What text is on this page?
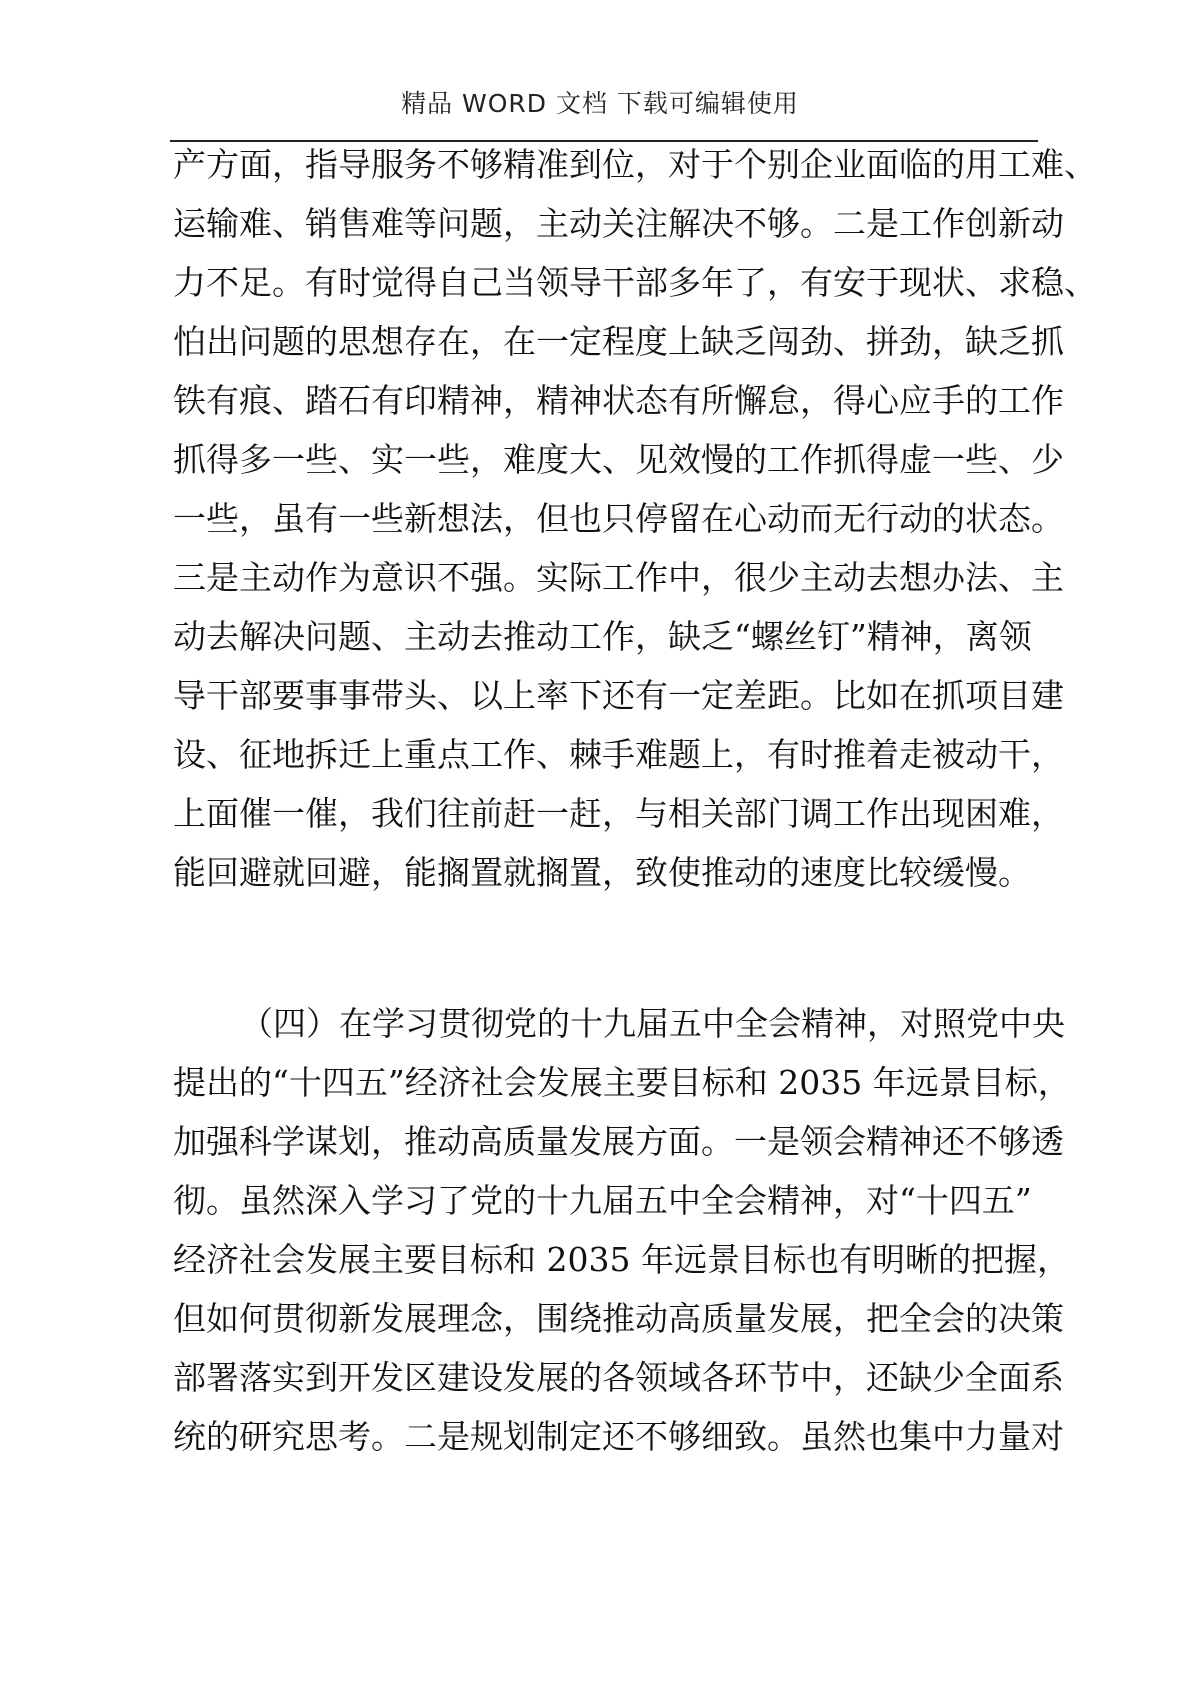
精品 WORD 文档 下载可编辑使用
产方面，指导服务不够精准到位，对于个别企业面临的用工难、
运输难、销售难等问题，主动关注解决不够。二是工作创新动
力不足。有时觉得自己当领导干部多年了，有安于现状、求稳、
怕出问题的思想存在，在一定程度上缺乏闯劲、拼劲，缺乏抓
铁有痕、踏石有印精神，精神状态有所懈怠，得心应手的工作
抓得多一些、实一些，难度大、见效慢的工作抓得虚一些、少
一些，虽有一些新想法，但也只停留在心动而无行动的状态。
三是主动作为意识不强。实际工作中，很少主动去想办法、主
动去解决问题、主动去推动工作，缺乏“螺丝钉”精神，离领
导干部要事事带头、以上率下还有一定差距。比如在抓项目建
设、征地拆迁上重点工作、棘手难题上，有时推着走被动干，
上面催一催，我们往前赶一赶，与相关部门调工作出现困难，
能回避就回避，能搁置就搁置，致使推动的速度比较缓慢。
（四）在学习贯彻党的十九届五中全会精神，对照党中央
提出的“十四五”经济社会发展主要目标和 2035 年远景目标，
加强科学谋划，推动高质量发展方面。一是领会精神还不够透
彻。虽然深入学习了党的十九届五中全会精神，对“十四五”
经济社会发展主要目标和 2035 年远景目标也有明晰的把握，
但如何贯彻新发展理念，围绕推动高质量发展，把全会的决策
部署落实到开发区建设发展的各领域各环节中，还缺少全面系
统的研究思考。二是规划制定还不够细致。虽然也集中力量对
